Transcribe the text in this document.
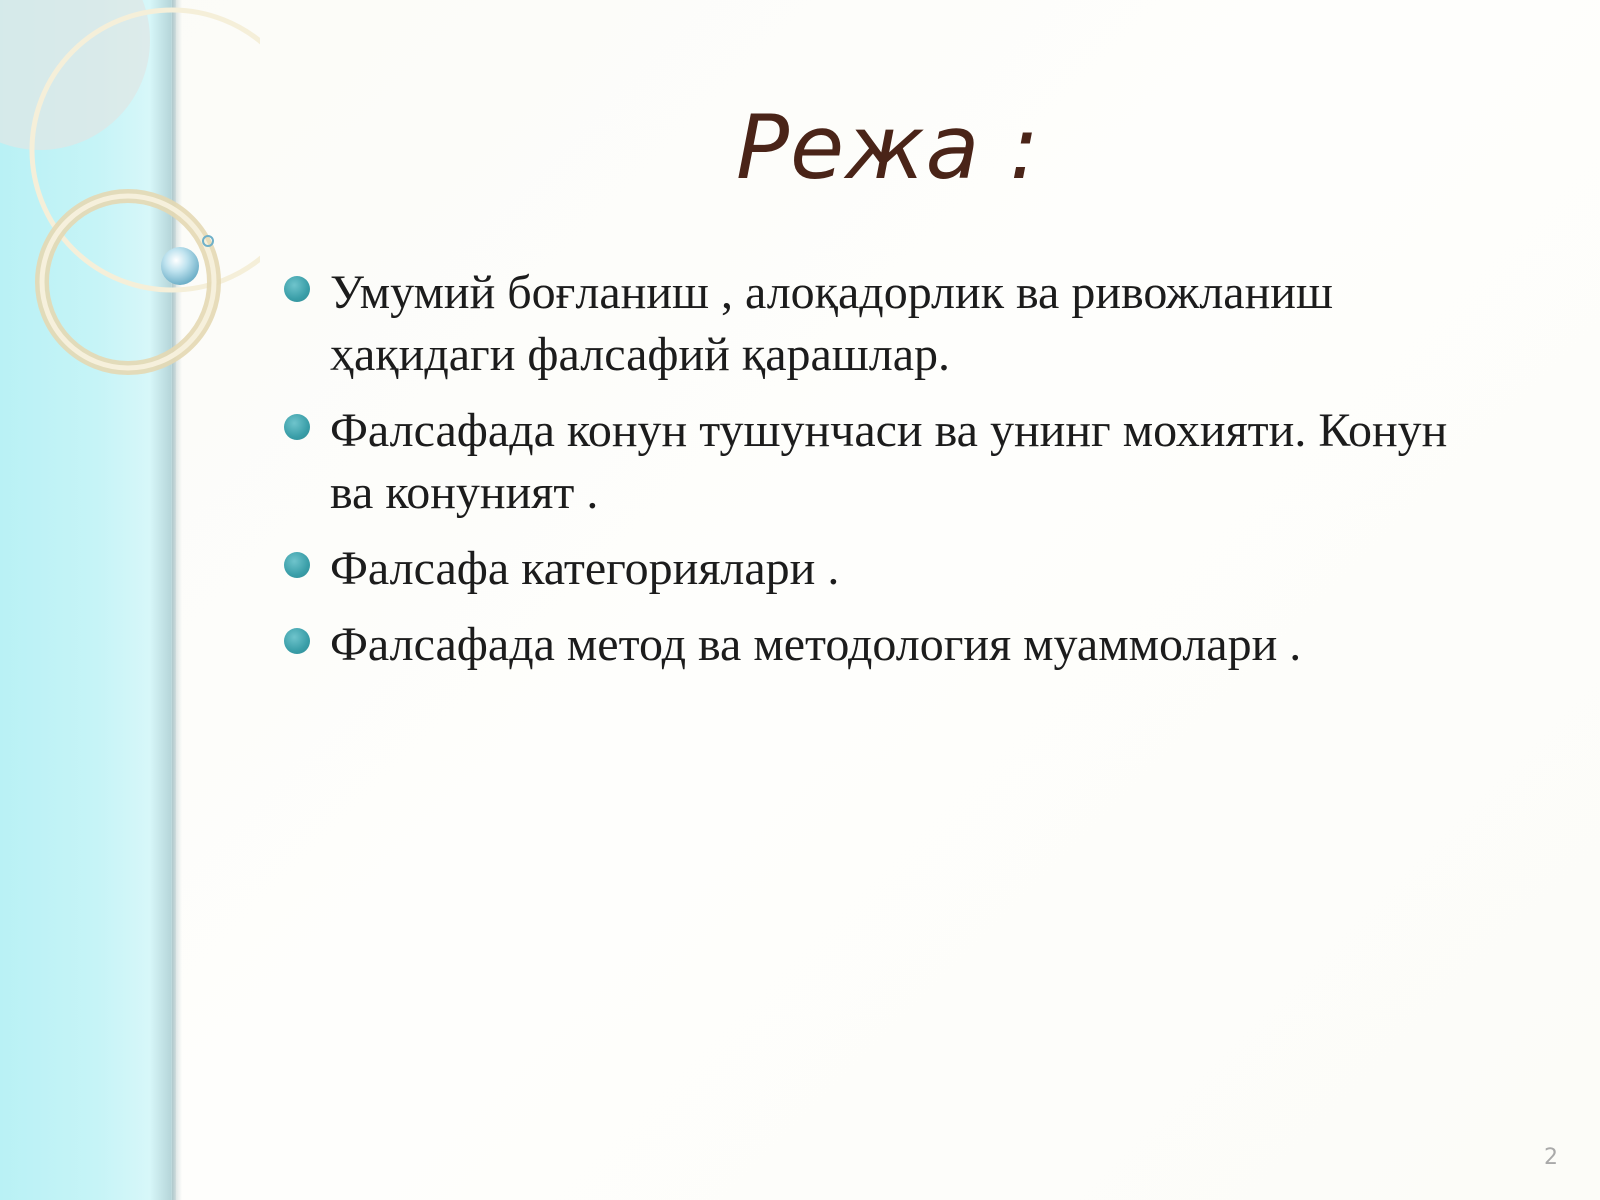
Режа :
Умумий боғланиш , алоқадорлик ва ривожланиш ҳақидаги фалсафий қарашлар.
Фалсафада конун тушунчаси ва унинг мохияти. Конун ва конуният .
Фалсафа категориялари .
Фалсафада метод ва методология муаммолари .
2
